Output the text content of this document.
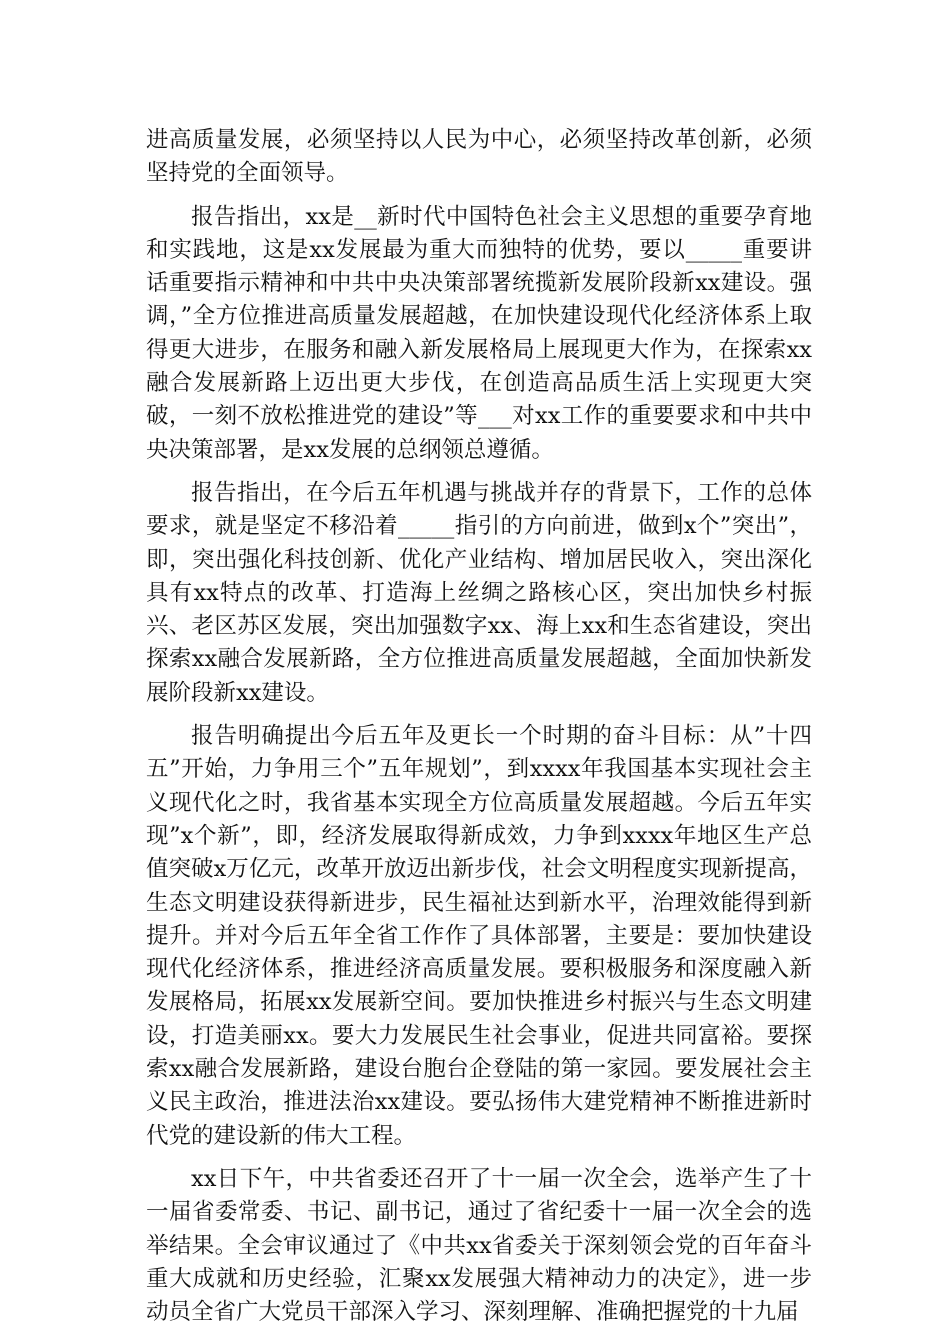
进高质量发展，必须坚持以人民为中心，必须坚持改革创新，必须坚持党的全面领导。

报告指出，xx是__新时代中国特色社会主义思想的重要孕育地和实践地，这是xx发展最为重大而独特的优势，要以_____重要讲话重要指示精神和中共中央决策部署统揽新发展阶段新xx建设。强调，”全方位推进高质量发展超越，在加快建设现代化经济体系上取得更大进步，在服务和融入新发展格局上展现更大作为，在探索xx融合发展新路上迈出更大步伐，在创造高品质生活上实现更大突破，一刻不放松推进党的建设”等___对xx工作的重要要求和中共中央决策部署，是xx发展的总纲领总遵循。

报告指出，在今后五年机遇与挑战并存的背景下，工作的总体要求，就是坚定不移沿着_____指引的方向前进，做到x个”突出”，即，突出强化科技创新、优化产业结构、增加居民收入，突出深化具有xx特点的改革、打造海上丝绸之路核心区，突出加快乡村振兴、老区苏区发展，突出加强数字xx、海上xx和生态省建设，突出探索xx融合发展新路，全方位推进高质量发展超越，全面加快新发展阶段新xx建设。

报告明确提出今后五年及更长一个时期的奋斗目标：从”十四五”开始，力争用三个”五年规划”，到xxxx年我国基本实现社会主义现代化之时，我省基本实现全方位高质量发展超越。今后五年实现”x个新”，即，经济发展取得新成效，力争到xxxx年地区生产总值突破x万亿元，改革开放迈出新步伐，社会文明程度实现新提高，生态文明建设获得新进步，民生福祉达到新水平，治理效能得到新提升。并对今后五年全省工作作了具体部署，主要是：要加快建设现代化经济体系，推进经济高质量发展。要积极服务和深度融入新发展格局，拓展xx发展新空间。要加快推进乡村振兴与生态文明建设，打造美丽xx。要大力发展民生社会事业，促进共同富裕。要探索xx融合发展新路，建设台胞台企登陆的第一家园。要发展社会主义民主政治，推进法治xx建设。要弘扬伟大建党精神不断推进新时代党的建设新的伟大工程。

xx日下午，中共省委还召开了十一届一次全会，选举产生了十一届省委常委、书记、副书记，通过了省纪委十一届一次全会的选举结果。全会审议通过了《中共xx省委关于深刻领会党的百年奋斗重大成就和历史经验，汇聚xx发展强大精神动力的决定》，进一步动员全省广大党员干部深入学习、深刻理解、准确把握党的十九届
